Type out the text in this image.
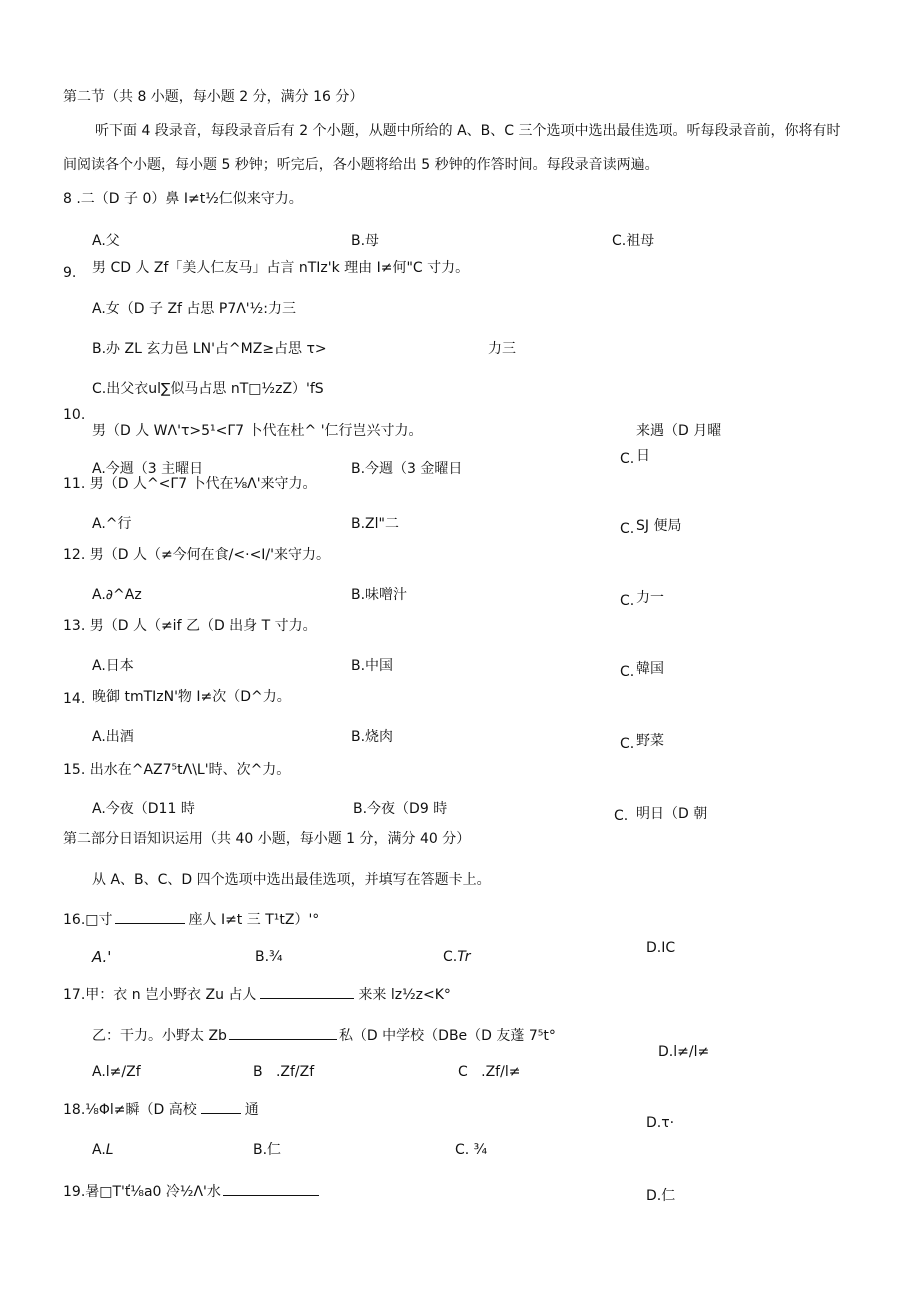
第二节（共 8 小题，每小题 2 分，满分 16 分）
听下面 4 段录音，每段录音后有 2 个小题，从题中所给的 A、B、C 三个选项中选出最佳选项。听每段录音前，你将有时
间阅读各个小题，每小题 5 秒钟；听完后，各小题将给出 5 秒钟的作答时间。每段录音读两遍。
8 .二（D 子 0）鼻 I≠t½仁似来守力。
A.父	B.母	C.祖母
9. 男 CD 人 Zf「美人仁友马」占言 nTIz'k 理由 I≠何"C 寸力。
A.女（D 子 Zf 占思 P7Λ'½:力三
B.办 ZL 玄力邑 LN'占^MZ≥占思 τ>	力三
C.出父衣ul∑似马占思 nT□½zZ）'fS
10.
男（D 人 WΛ'τ>5¹<Γ7 卜代在杜^ '仁行岂兴寸力。	来遇（D 月曜
C. 日
A.今週（3 主曜日	B.今週（3 金曜日
11. 男（D 人^<Γ7 卜代在⅛Λ'来守力。
A.^行	B.Zl"二	C. SJ 便局
12. 男（D 人（≠今何在食/<·<I/'来守力。
A.∂^Az	B.味噌汁	C. 力一
13. 男（D 人（≠if 乙（D 出身 T 寸力。
A.日本	B.中国	C. 韓国
14. 晚御 tmTIzN'物 I≠次（D^力。
A.出酒	B.烧肉	C. 野菜
15. 出水在^AZ7⁵tΛ\L'時、次^力。
A.今夜（D11 時	B.今夜（D9 時	C. 明日（D 朝
第二部分日语知识运用（共 40 小题，每小题 1 分，满分 40 分）
从 A、B、C、D 四个选项中选出最佳选项，并填写在答题卡上。
16.□寸	座人 I≠t 三 T¹tZ）'°
A.'	B.¾	C.Tr
D.IC
17.甲：衣 n 岂小野衣 Zu 占人	来来 lz½z<K°
乙：干力。小野太 Zb	私（D 中学校（DBe（D 友蓬 7⁵t°
D.l≠/l≠
A.l≠/Zf	B   .Zf/Zf	C   .Zf/l≠
18.⅛Φl≠瞬（D 高校	通
D.τ·
A.L	B.仁	C. ¾
19.暑□T'ť⅛a0 冷½Λ'水	D.仁
